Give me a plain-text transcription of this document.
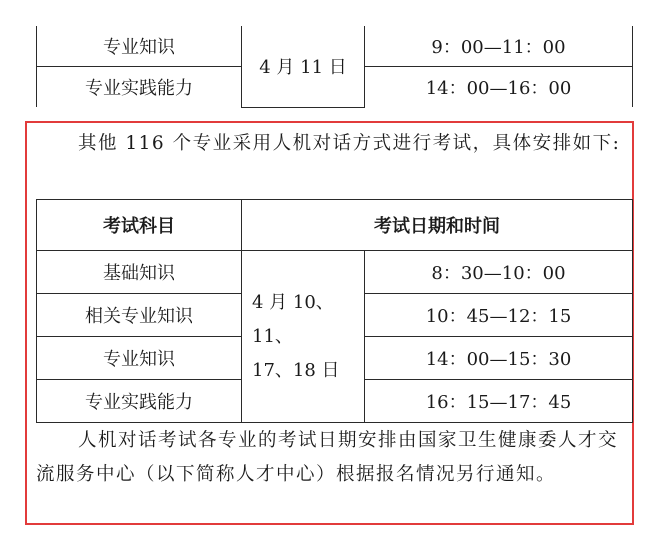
专业知识	4 月 11 日	9：00—11：00
专业实践能力		14：00—16：00

其他 116 个专业采用人机对话方式进行考试，具体安排如下:

考试科目	考试日期和时间	
基础知识	4 月 10、11、
17、18 日	8：30—10：00
相关专业知识		10：45—12：15
专业知识		14：00—15：30
专业实践能力		16：15—17：45

人机对话考试各专业的考试日期安排由国家卫生健康委人才交流服务中心（以下简称人才中心）根据报名情况另行通知。
